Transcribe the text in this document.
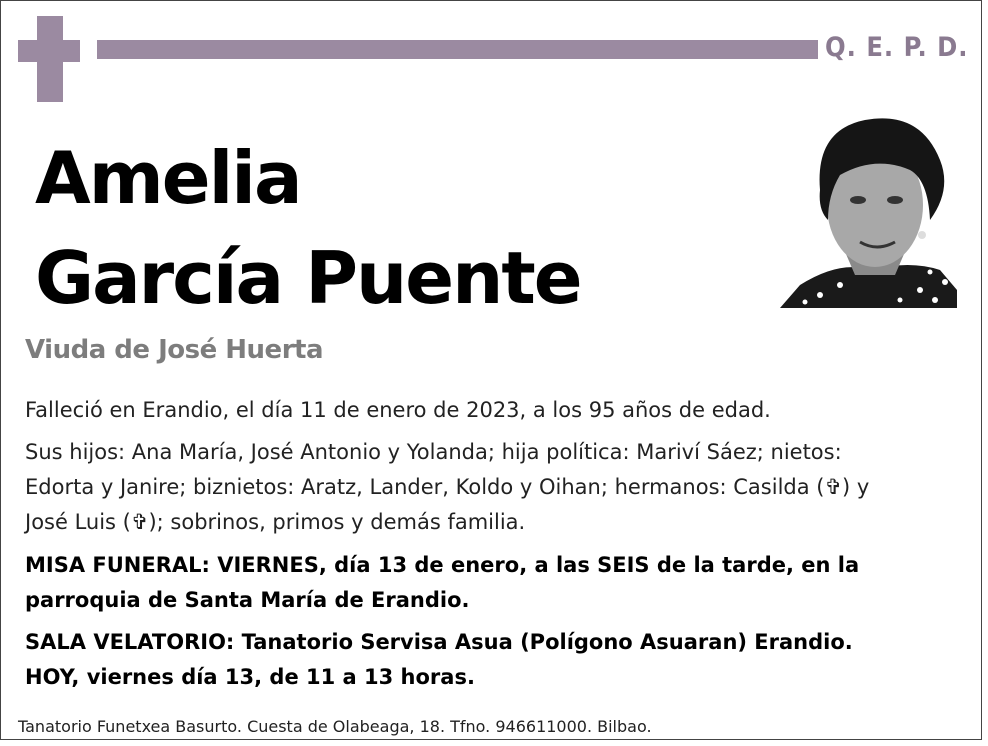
Q. E. P. D.
Amelia
García Puente
Viuda de José Huerta
Falleció en Erandio, el día 11 de enero de 2023, a los 95 años de edad.
Sus hijos: Ana María, José Antonio y Yolanda; hija política: Mariví Sáez; nietos:
Edorta y Janire; biznietos: Aratz, Lander, Koldo y Oihan; hermanos: Casilda (✞) y
José Luis (✞); sobrinos, primos y demás familia.
MISA FUNERAL: VIERNES, día 13 de enero, a las SEIS de la tarde, en la
parroquia de Santa María de Erandio.
SALA VELATORIO: Tanatorio Servisa Asua (Polígono Asuaran) Erandio.
HOY, viernes día 13, de 11 a 13 horas.
Tanatorio Funetxea Basurto. Cuesta de Olabeaga, 18. Tfno. 946611000. Bilbao.
